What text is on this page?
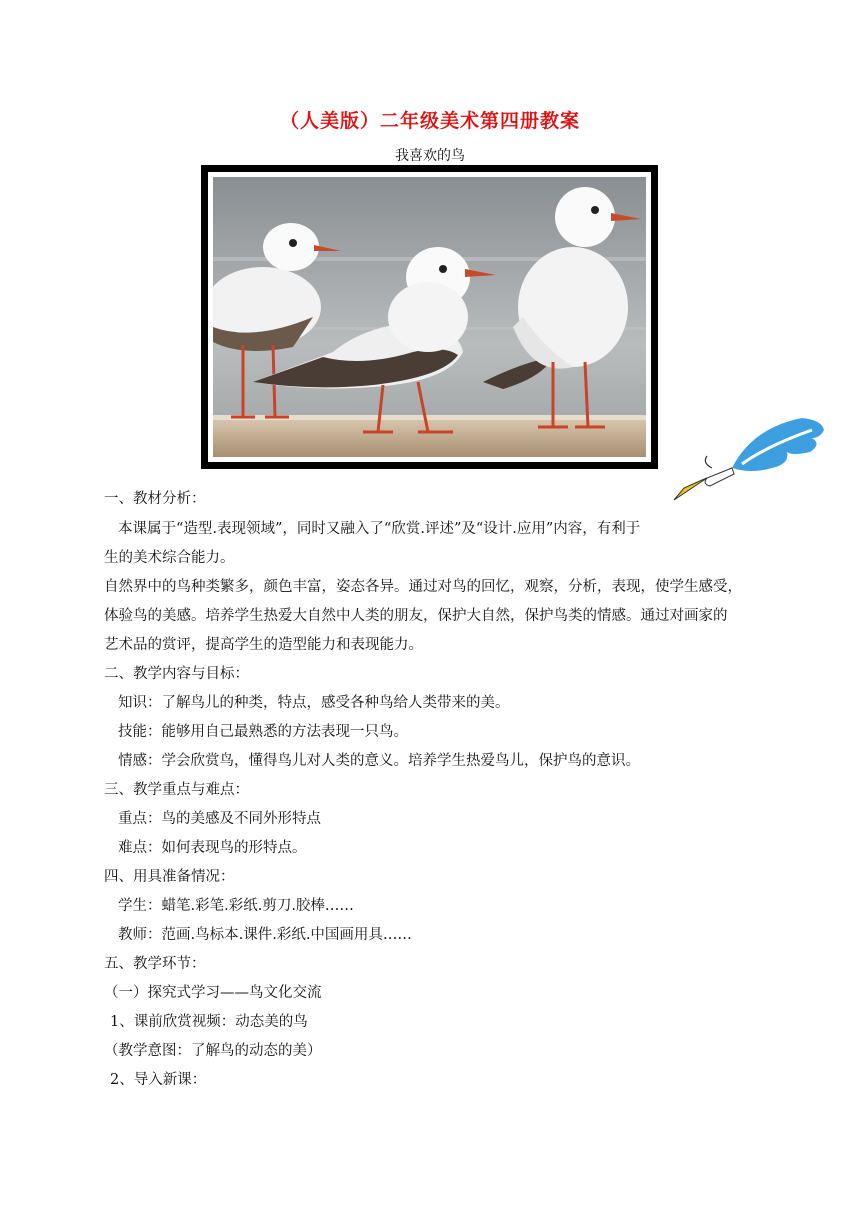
（人美版）二年级美术第四册教案
我喜欢的鸟
一、教材分析：
本课属于“造型.表现领域”，同时又融入了“欣赏.评述”及“设计.应用”内容，有利于
生的美术综合能力。
自然界中的鸟种类繁多，颜色丰富，姿态各异。通过对鸟的回忆，观察，分析，表现，使学生感受，
体验鸟的美感。培养学生热爱大自然中人类的朋友，保护大自然，保护鸟类的情感。通过对画家的
艺术品的赏评，提高学生的造型能力和表现能力。
二、教学内容与目标：
知识：了解鸟儿的种类，特点，感受各种鸟给人类带来的美。
技能：能够用自己最熟悉的方法表现一只鸟。
情感：学会欣赏鸟，懂得鸟儿对人类的意义。培养学生热爱鸟儿，保护鸟的意识。
三、教学重点与难点：
重点：鸟的美感及不同外形特点
难点：如何表现鸟的形特点。
四、用具准备情况：
学生：蜡笔.彩笔.彩纸.剪刀.胶棒……
教师：范画.鸟标本.课件.彩纸.中国画用具……
五、教学环节：
（一）探究式学习——鸟文化交流
1、课前欣赏视频：动态美的鸟
（教学意图：了解鸟的动态的美）
2、导入新课：
